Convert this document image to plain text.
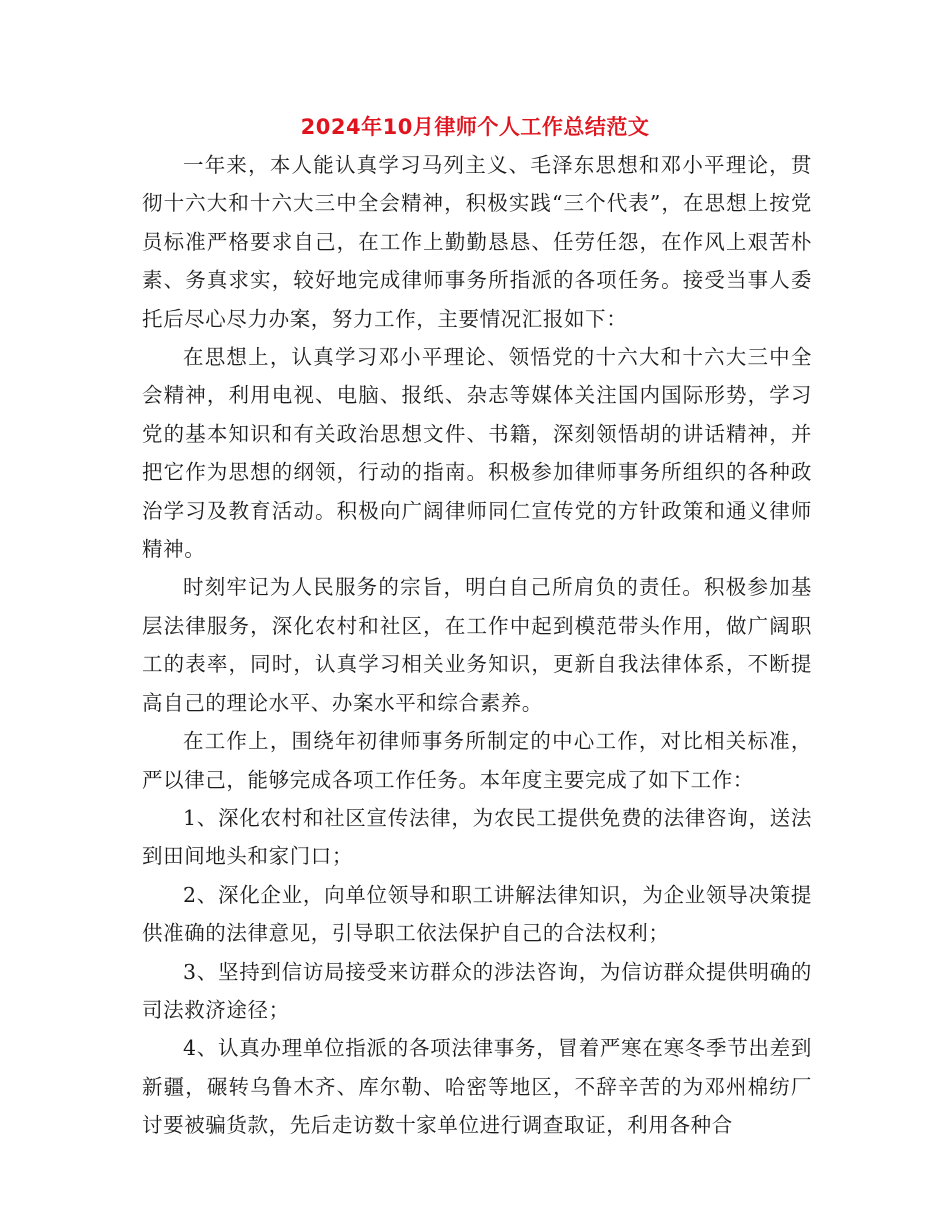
2024年10月律师个人工作总结范文

一年来，本人能认真学习马列主义、毛泽东思想和邓小平理论，贯彻十六大和十六大三中全会精神，积极实践“三个代表”，在思想上按党员标准严格要求自己，在工作上勤勤恳恳、任劳任怨，在作风上艰苦朴素、务真求实，较好地完成律师事务所指派的各项任务。接受当事人委托后尽心尽力办案，努力工作，主要情况汇报如下：

在思想上，认真学习邓小平理论、领悟党的十六大和十六大三中全会精神，利用电视、电脑、报纸、杂志等媒体关注国内国际形势，学习党的基本知识和有关政治思想文件、书籍，深刻领悟胡的讲话精神，并把它作为思想的纲领，行动的指南。积极参加律师事务所组织的各种政治学习及教育活动。积极向广阔律师同仁宣传党的方针政策和通义律师精神。

时刻牢记为人民服务的宗旨，明白自己所肩负的责任。积极参加基层法律服务，深化农村和社区，在工作中起到模范带头作用，做广阔职工的表率，同时，认真学习相关业务知识，更新自我法律体系，不断提高自己的理论水平、办案水平和综合素养。

在工作上，围绕年初律师事务所制定的中心工作，对比相关标准，严以律己，能够完成各项工作任务。本年度主要完成了如下工作：

1、深化农村和社区宣传法律，为农民工提供免费的法律咨询，送法到田间地头和家门口；

2、深化企业，向单位领导和职工讲解法律知识，为企业领导决策提供准确的法律意见，引导职工依法保护自己的合法权利；

3、坚持到信访局接受来访群众的涉法咨询，为信访群众提供明确的司法救济途径；

4、认真办理单位指派的各项法律事务，冒着严寒在寒冬季节出差到新疆，碾转乌鲁木齐、库尔勒、哈密等地区，不辞辛苦的为邓州棉纺厂讨要被骗货款，先后走访数十家单位进行调查取证，利用各种合
